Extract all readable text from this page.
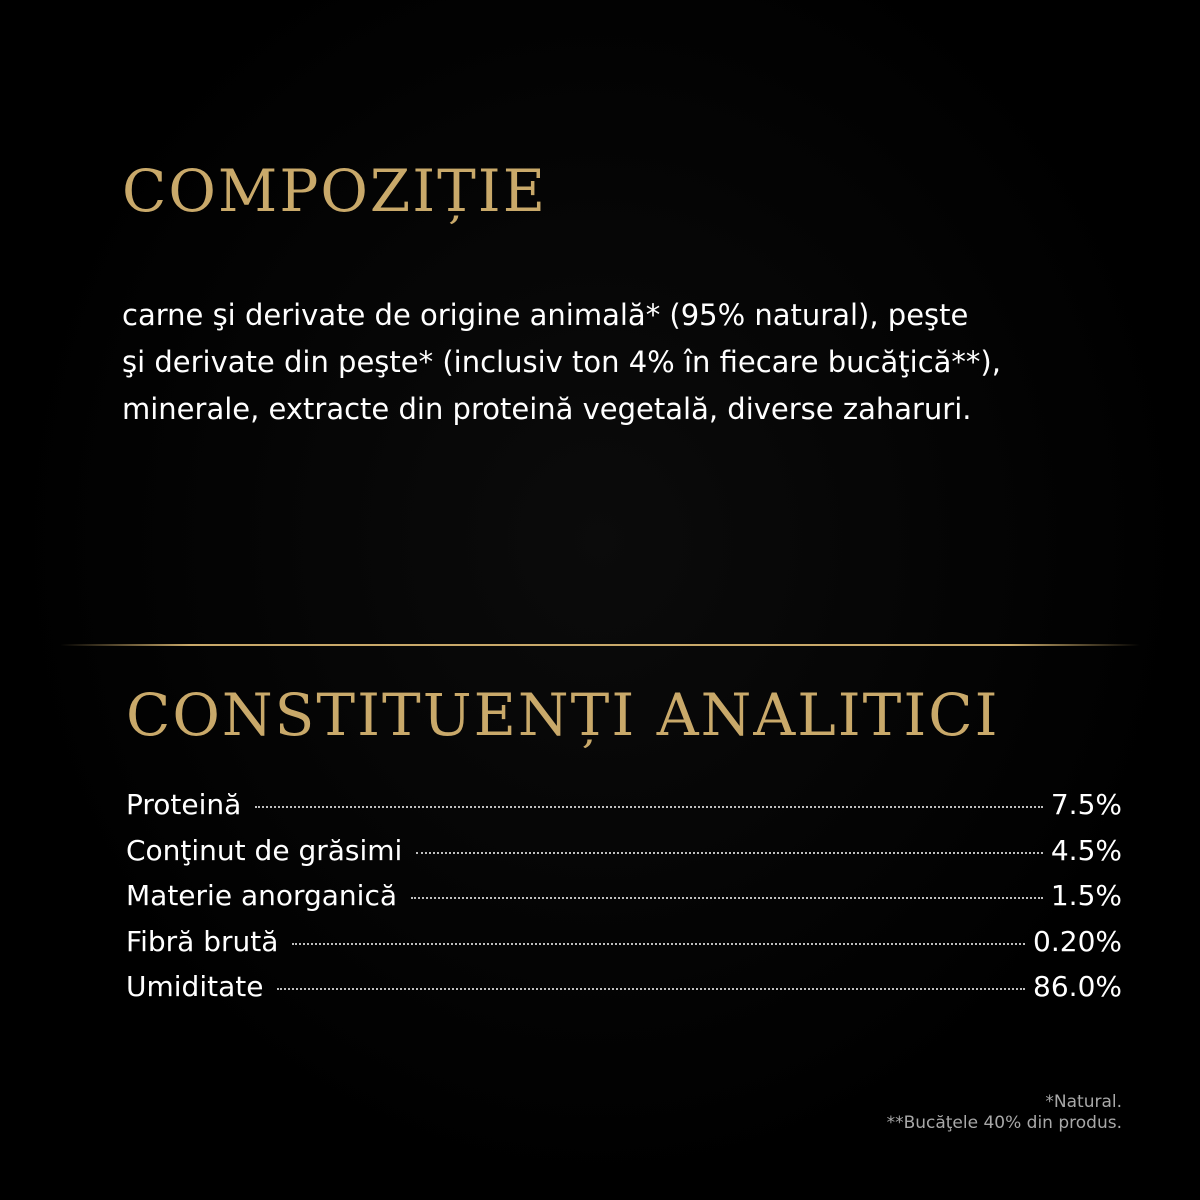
COMPOZIȚIE
carne şi derivate de origine animală* (95% natural), peşte
şi derivate din peşte* (inclusiv ton 4% în fiecare bucăţică**),
minerale, extracte din proteină vegetală, diverse zaharuri.
CONSTITUENȚI ANALITICI
Proteină	7.5%
Conţinut de grăsimi	4.5%
Materie anorganică	1.5%
Fibră brută	0.20%
Umiditate	86.0%
*Natural.
**Bucăţele 40% din produs.
